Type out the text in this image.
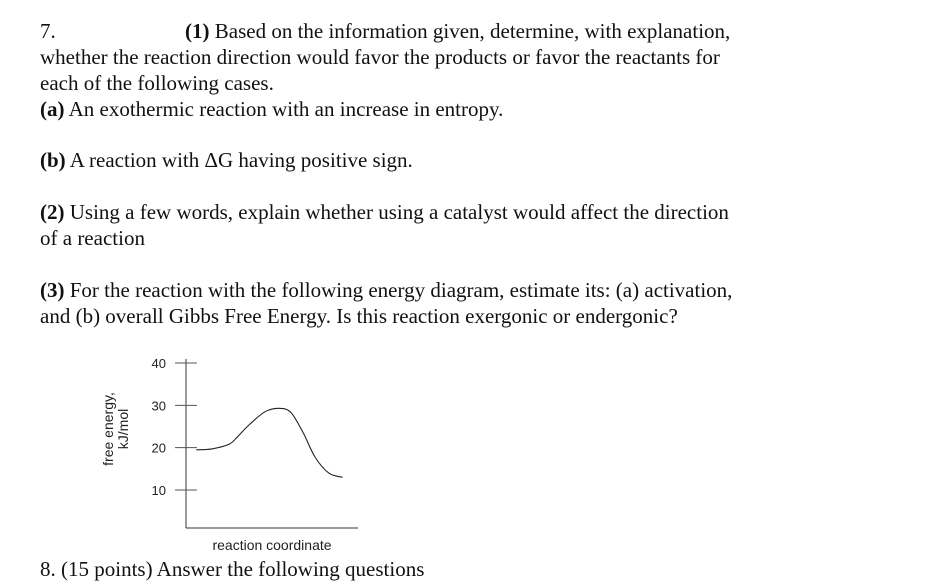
7.	(1) Based on the information given, determine, with explanation,
whether the reaction direction would favor the products or favor the reactants for
each of the following cases.
(a) An exothermic reaction with an increase in entropy.
(b) A reaction with ΔG having positive sign.
(2) Using a few words, explain whether using a catalyst would affect the direction
of a reaction
(3) For the reaction with the following energy diagram, estimate its: (a) activation,
and (b) overall Gibbs Free Energy. Is this reaction exergonic or endergonic?
10
20
30
40
free energy,kJ/mol
reaction coordinate
8. (15 points) Answer the following questions
